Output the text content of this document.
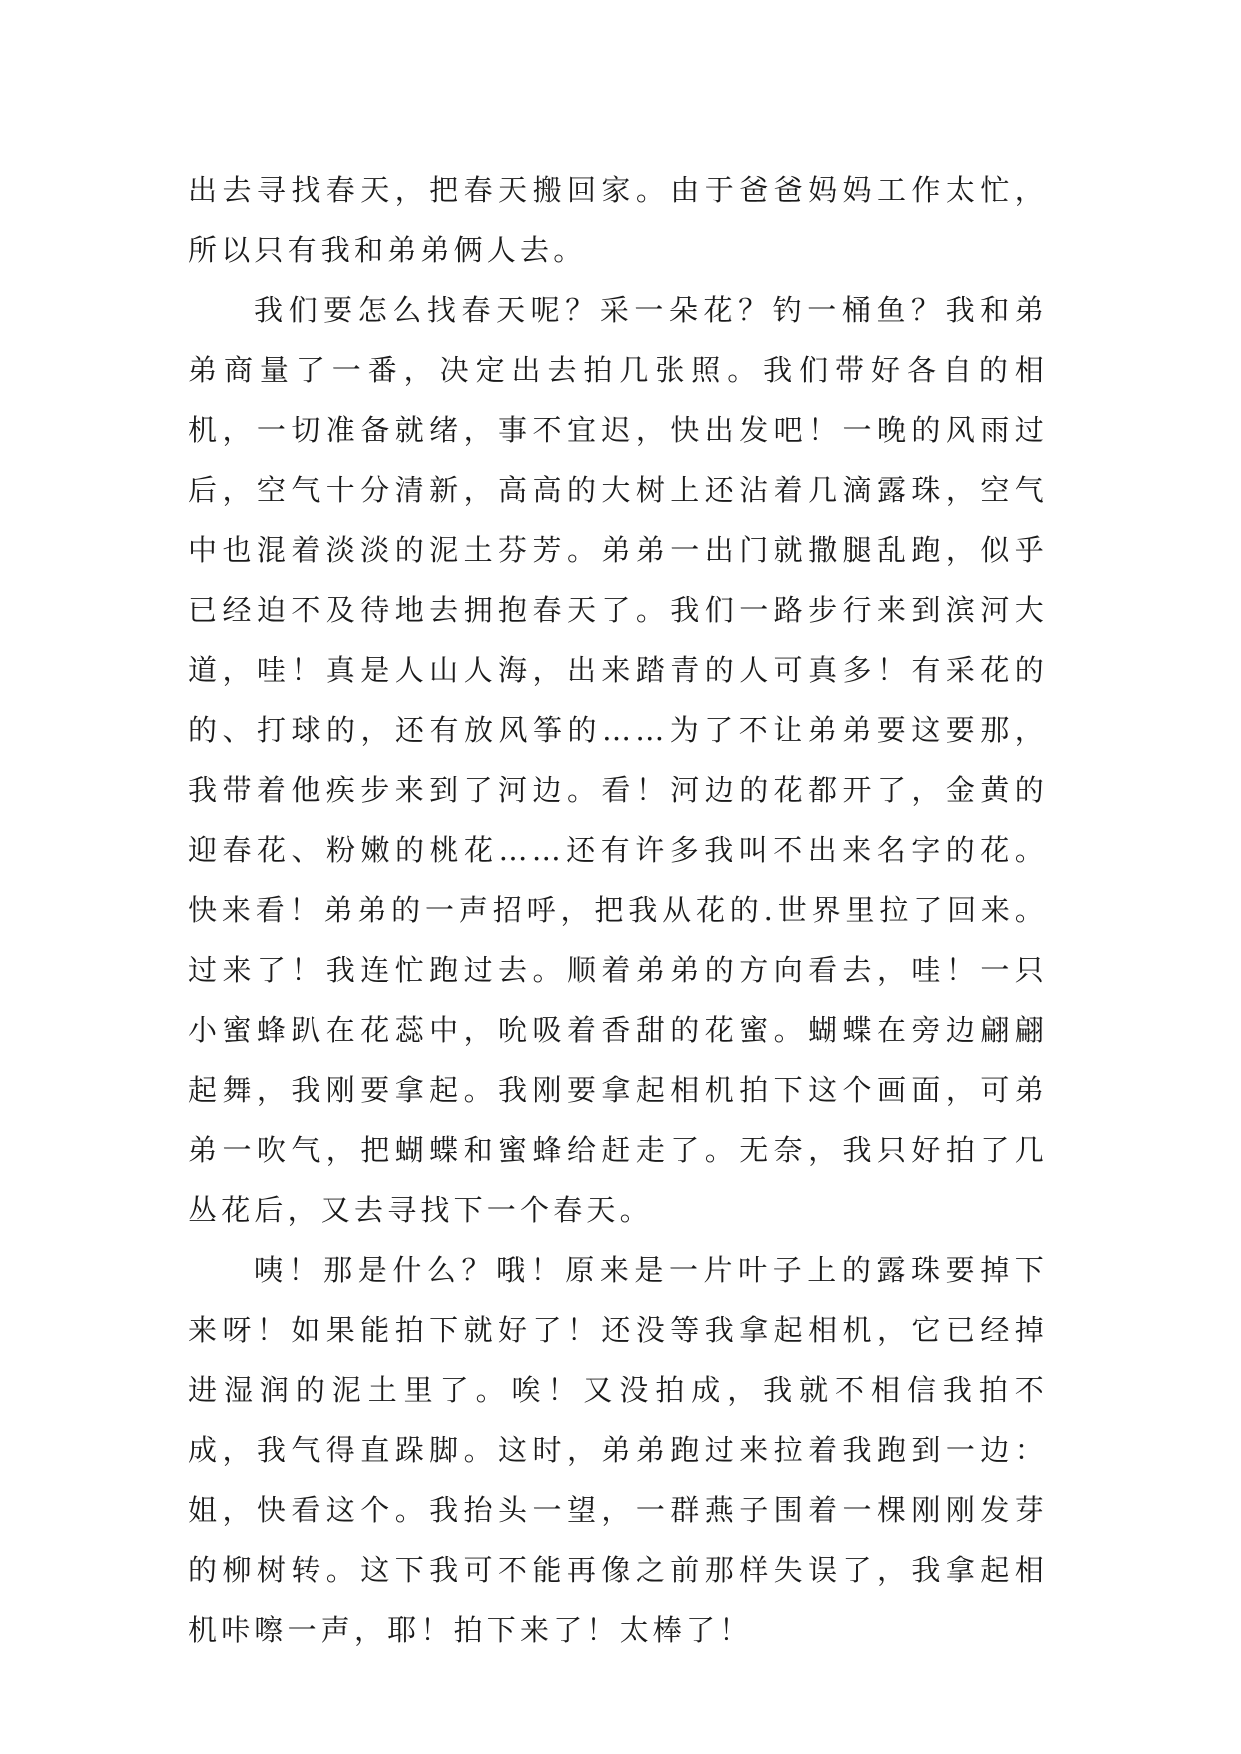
出去寻找春天，把春天搬回家。由于爸爸妈妈工作太忙，所以只有我和弟弟俩人去。

我们要怎么找春天呢？采一朵花？钓一桶鱼？我和弟弟商量了一番，决定出去拍几张照。我们带好各自的相机，一切准备就绪，事不宜迟，快出发吧！一晚的风雨过后，空气十分清新，高高的大树上还沾着几滴露珠，空气中也混着淡淡的泥土芬芳。弟弟一出门就撒腿乱跑，似乎已经迫不及待地去拥抱春天了。我们一路步行来到滨河大道，哇！真是人山人海，出来踏青的人可真多！有采花的的、打球的，还有放风筝的……为了不让弟弟要这要那，我带着他疾步来到了河边。看！河边的花都开了，金黄的迎春花、粉嫩的桃花……还有许多我叫不出来名字的花。快来看！弟弟的一声招呼，把我从花的.世界里拉了回来。过来了！我连忙跑过去。顺着弟弟的方向看去，哇！一只小蜜蜂趴在花蕊中，吮吸着香甜的花蜜。蝴蝶在旁边翩翩起舞，我刚要拿起。我刚要拿起相机拍下这个画面，可弟弟一吹气，把蝴蝶和蜜蜂给赶走了。无奈，我只好拍了几丛花后，又去寻找下一个春天。

咦！那是什么？哦！原来是一片叶子上的露珠要掉下来呀！如果能拍下就好了！还没等我拿起相机，它已经掉进湿润的泥土里了。唉！又没拍成，我就不相信我拍不成，我气得直跺脚。这时，弟弟跑过来拉着我跑到一边：姐，快看这个。我抬头一望，一群燕子围着一棵刚刚发芽的柳树转。这下我可不能再像之前那样失误了，我拿起相机咔嚓一声，耶！拍下来了！太棒了！
